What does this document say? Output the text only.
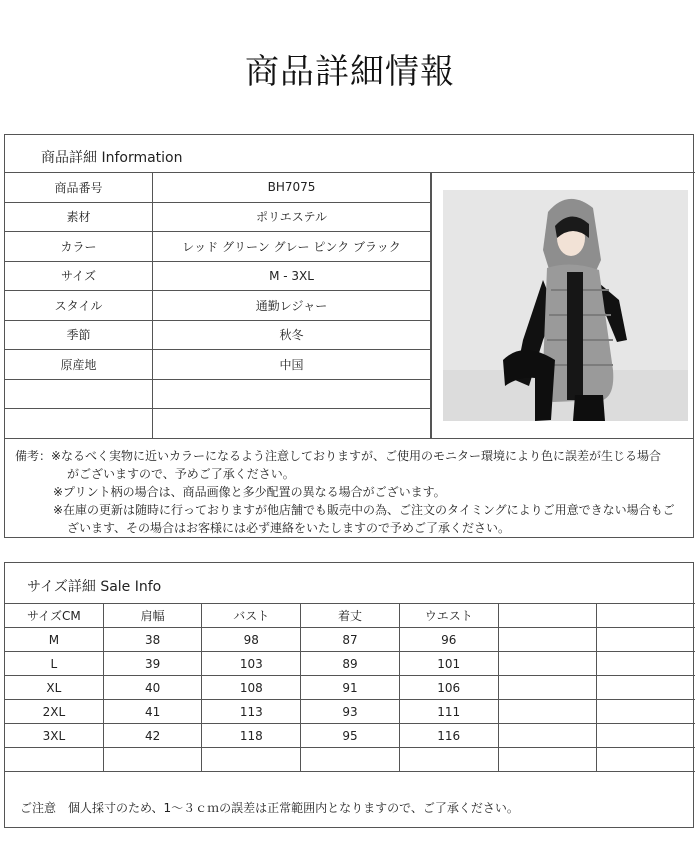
商品詳細情報
商品詳細 Information
商品番号	BH7075
素材	ポリエステル
カラー	レッド グリーン グレー ピンク ブラック
サイズ	M - 3XL
スタイル	通勤レジャー
季節	秋冬
原産地	中国

備考：※なるべく実物に近いカラーになるよう注意しておりますが、ご使用のモニター環境により色に誤差が生じる場合
がございますので、予めご了承ください。
※プリント柄の場合は、商品画像と多少配置の異なる場合がございます。
※在庫の更新は随時に行っておりますが他店舗でも販売中の為、ご注文のタイミングによりご用意できない場合もご
ざいます、その場合はお客様には必ず連絡をいたしますので予めご了承ください。
サイズ詳細 Sale Info
サイズCM	肩幅	バスト	着丈	ウエスト		
M	38	98	87	96		
L	39	103	89	101		
XL	40	108	91	106		
2XL	41	113	93	111		
3XL	42	118	95	116		

ご注意　個人採寸のため、1～３ｃｍの誤差は正常範囲内となりますので、ご了承ください。
